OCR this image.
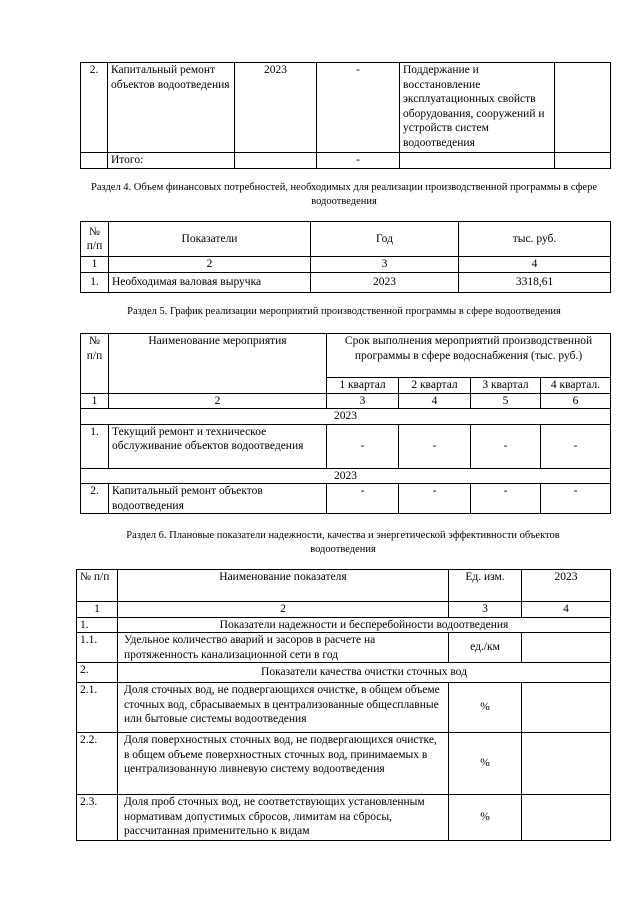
2.	Капитальный ремонт объектов водоотведения	2023	-	Поддержание и восстановление эксплуатационных свойств оборудования, сооружений и устройств систем водоотведения	
	Итого:		-		
Раздел 4. Объем финансовых потребностей, необходимых для реализации производственной программы в сфере водоотведения
№ п/п	Показатели	Год	тыс. руб.
1	2	3	4
1.	Необходимая валовая выручка	2023	3318,61
Раздел 5. График реализации мероприятий производственной программы в сфере водоотведения
№ п/п	Наименование мероприятия	Срок выполнения мероприятий производственной программы в сфере водоснабжения (тыс. руб.)			
		1 квартал	2 квартал	3 квартал	4 квартал.
1	2	3	4	5	6
2023					
1.	Текущий ремонт и техническое обслуживание объектов водоотведения	-	-	-	-
2023					
2.	Капитальный ремонт объектов водоотведения	-	-	-	-
Раздел 6. Плановые показатели надежности, качества и энергетической эффективности объектов водоотведения
№ п/п	Наименование показателя	Ед. изм.	2023
1	2	3	4
1.	Показатели надежности и бесперебойности водоотведения		
1.1.	Удельное количество аварий и засоров в расчете на протяженность канализационной сети в год	ед./км	
2.	Показатели качества очистки сточных вод		
2.1.	Доля сточных вод, не подвергающихся очистке, в общем объеме сточных вод, сбрасываемых в централизованные общесплавные или бытовые системы водоотведения	%	
2.2.	Доля поверхностных сточных вод, не подвергающихся очистке, в общем объеме поверхностных сточных вод, принимаемых в централизованную ливневую систему водоотведения	%	
2.3.	Доля проб сточных вод, не соответствующих установленным нормативам допустимых сбросов, лимитам на сбросы, рассчитанная применительно к видам	%	
